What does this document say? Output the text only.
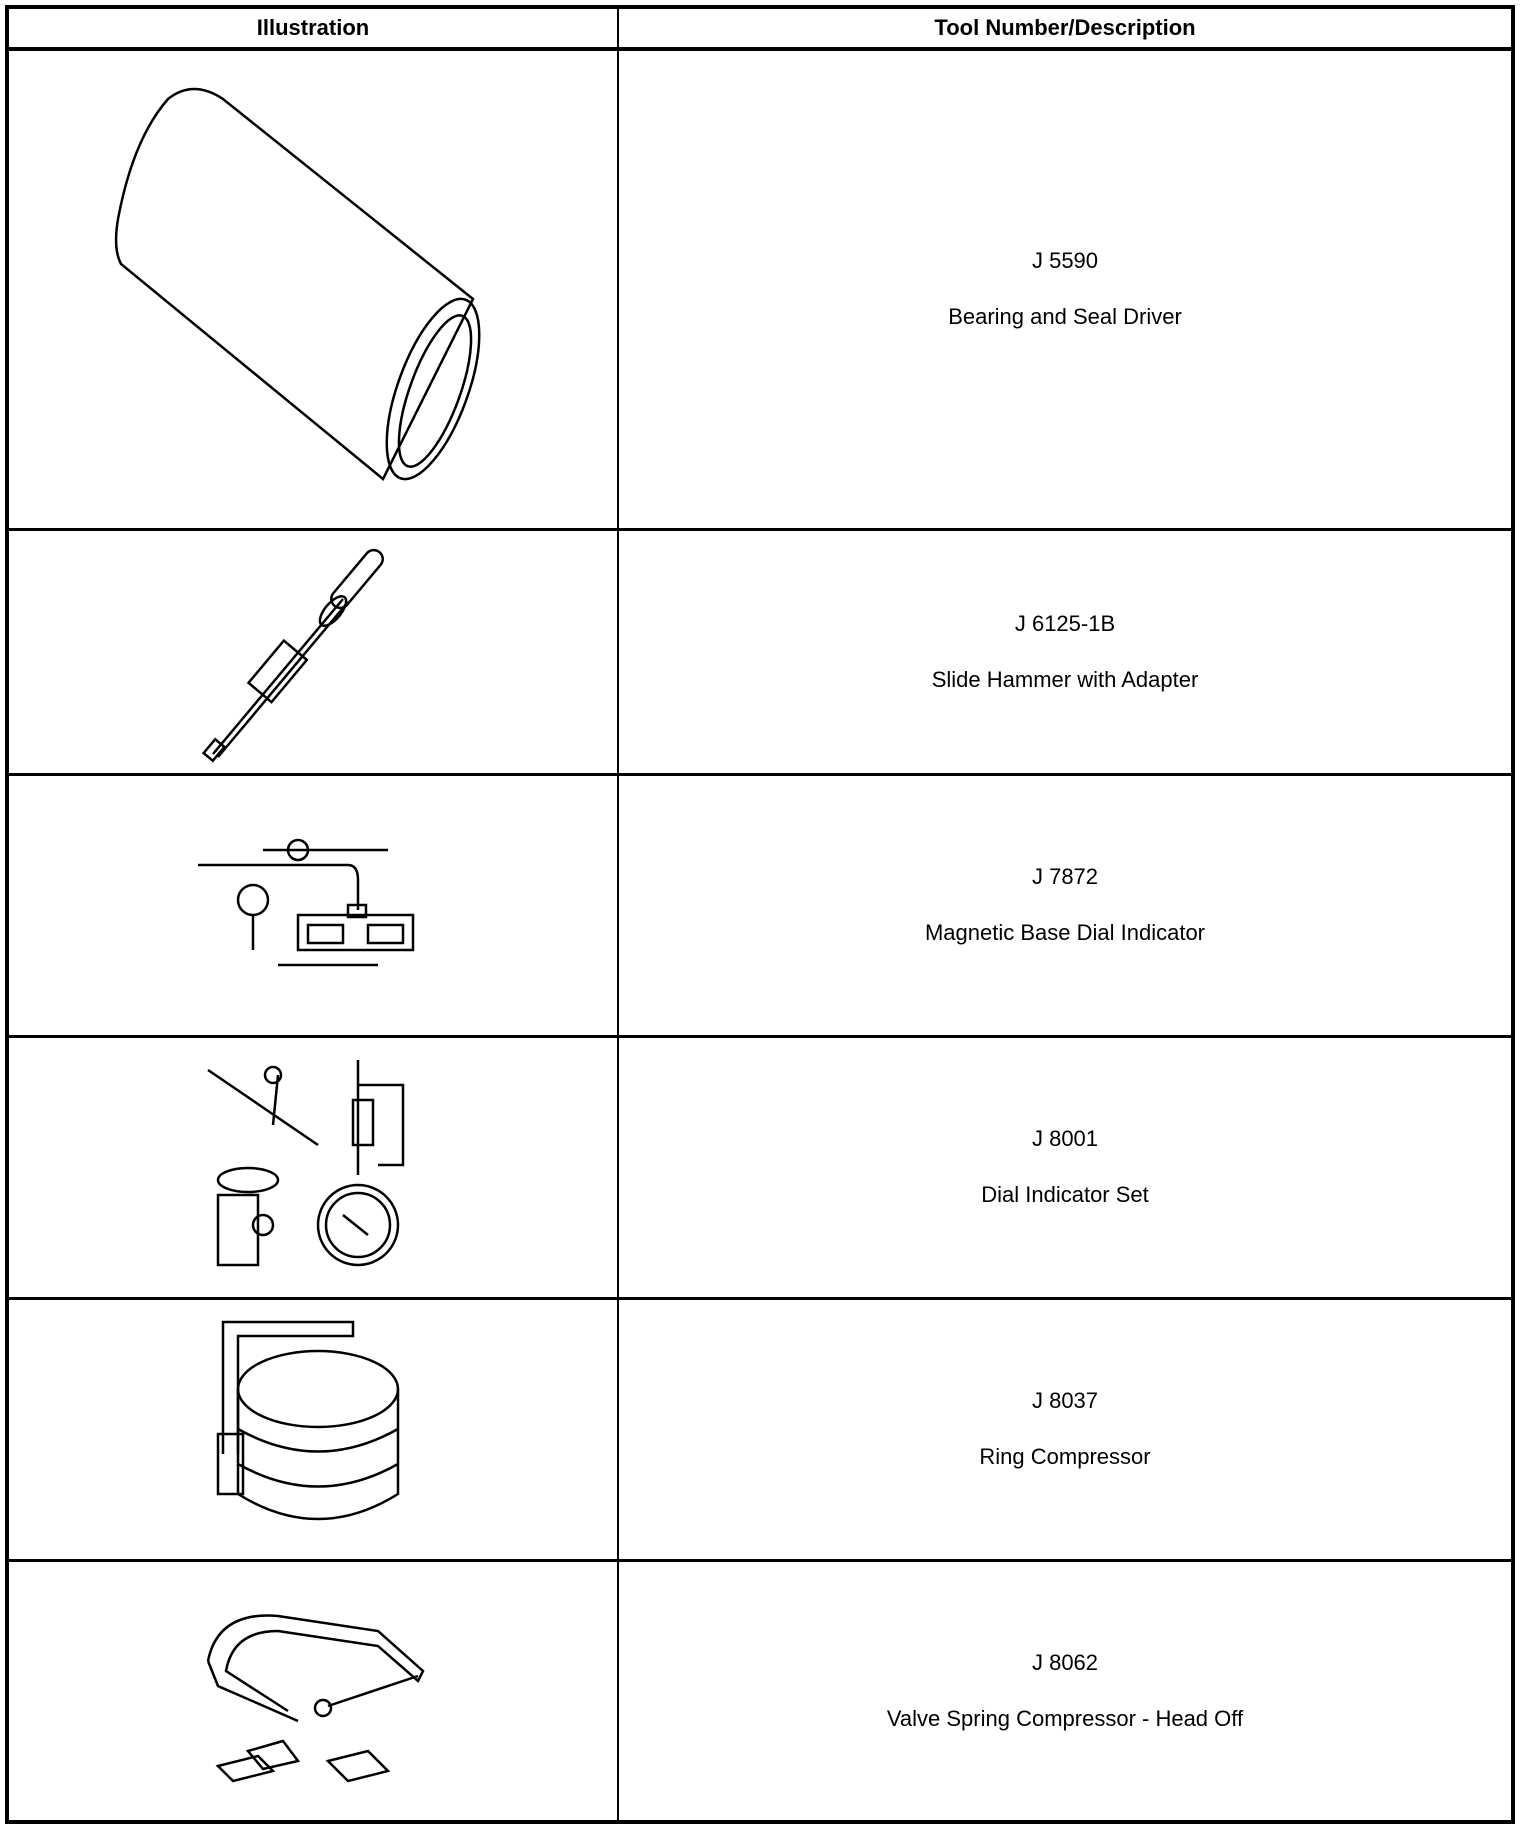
Illustration	Tool Number/Description

J 5590
Bearing and Seal Driver

J 6125-1B
Slide Hammer with Adapter

J 7872
Magnetic Base Dial Indicator

J 8001
Dial Indicator Set

J 8037
Ring Compressor

J 8062
Valve Spring Compressor - Head Off
